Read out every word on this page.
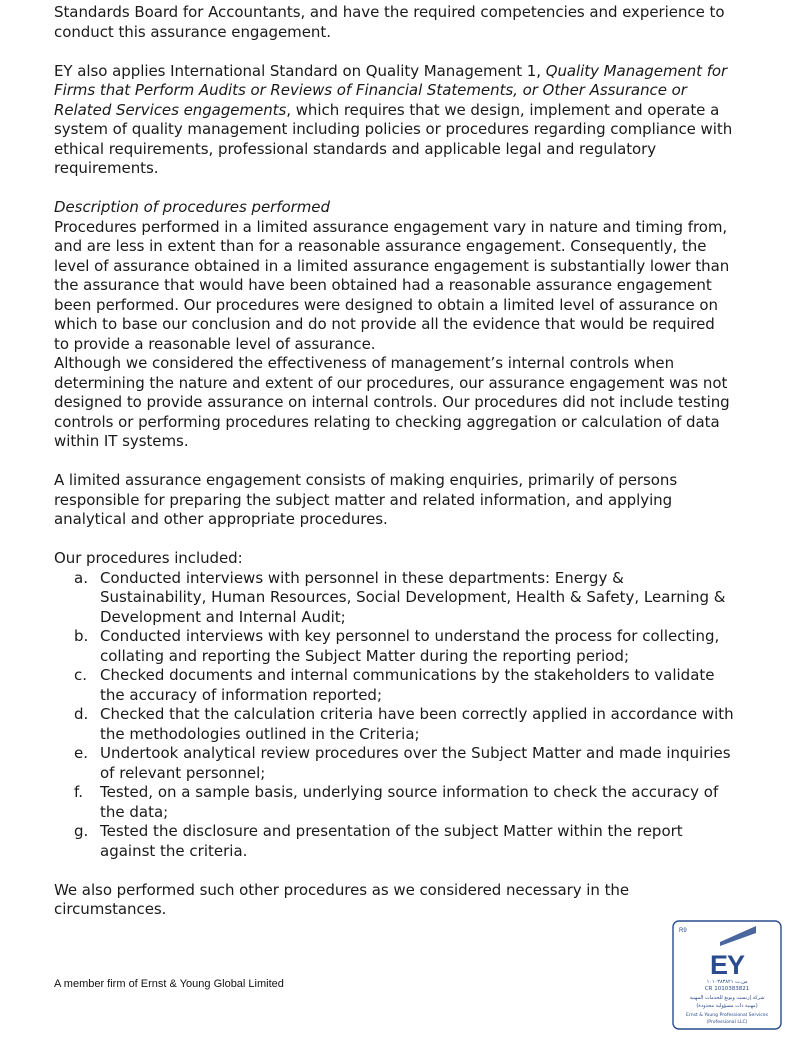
Standards Board for Accountants, and have the required competencies and experience to conduct this assurance engagement.

EY also applies International Standard on Quality Management 1, Quality Management for Firms that Perform Audits or Reviews of Financial Statements, or Other Assurance or Related Services engagements, which requires that we design, implement and operate a system of quality management including policies or procedures regarding compliance with ethical requirements, professional standards and applicable legal and regulatory requirements.

Description of procedures performed

Procedures performed in a limited assurance engagement vary in nature and timing from, and are less in extent than for a reasonable assurance engagement. Consequently, the level of assurance obtained in a limited assurance engagement is substantially lower than the assurance that would have been obtained had a reasonable assurance engagement been performed. Our procedures were designed to obtain a limited level of assurance on which to base our conclusion and do not provide all the evidence that would be required to provide a reasonable level of assurance.

Although we considered the effectiveness of management’s internal controls when determining the nature and extent of our procedures, our assurance engagement was not designed to provide assurance on internal controls. Our procedures did not include testing controls or performing procedures relating to checking aggregation or calculation of data within IT systems.

A limited assurance engagement consists of making enquiries, primarily of persons responsible for preparing the subject matter and related information, and applying analytical and other appropriate procedures.

Our procedures included:

a. Conducted interviews with personnel in these departments: Energy & Sustainability, Human Resources, Social Development, Health & Safety, Learning & Development and Internal Audit;
b. Conducted interviews with key personnel to understand the process for collecting, collating and reporting the Subject Matter during the reporting period;
c. Checked documents and internal communications by the stakeholders to validate the accuracy of information reported;
d. Checked that the calculation criteria have been correctly applied in accordance with the methodologies outlined in the Criteria;
e. Undertook analytical review procedures over the Subject Matter and made inquiries of relevant personnel;
f. Tested, on a sample basis, underlying source information to check the accuracy of the data;
g. Tested the disclosure and presentation of the subject Matter within the report against the criteria.

We also performed such other procedures as we considered necessary in the circumstances.

A member firm of Ernst & Young Global Limited
R9
EY
س.ت ١٠١٠٣٨٣٨٢١
CR 1010383821
شركة إرنست ويونغ للخدمات المهنية
(مهنية ذات مسؤولية محدودة)
Ernst & Young Professional Services
(Professional LLC)
